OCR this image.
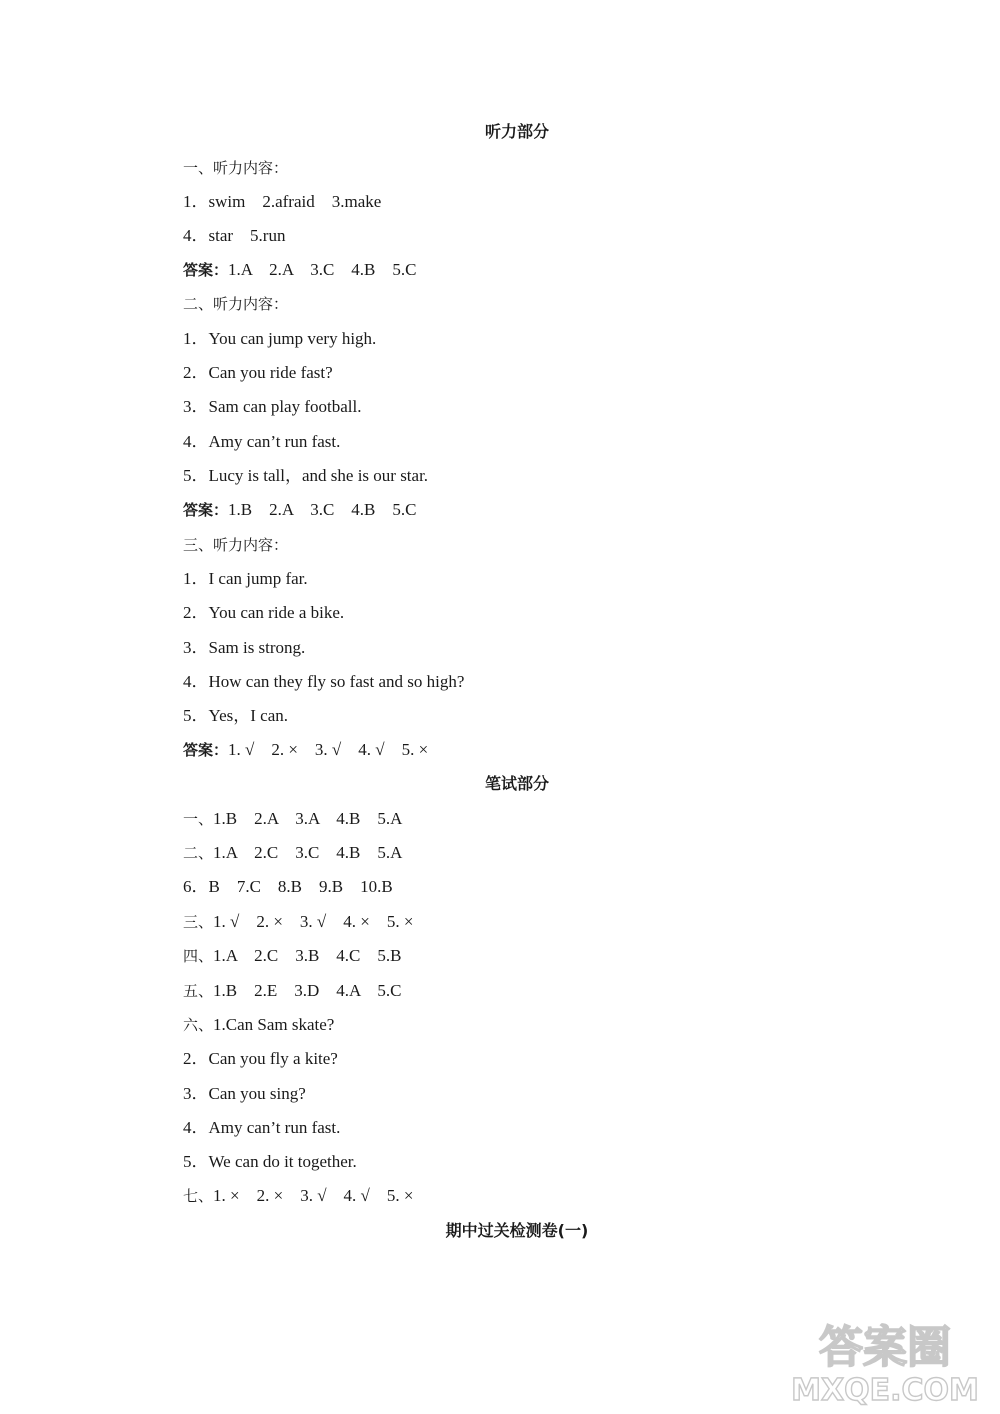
听力部分
一、听力内容：
1．swim    2.afraid    3.make
4．star    5.run
答案：1.A    2.A    3.C    4.B    5.C
二、听力内容：
1．You can jump very high.
2．Can you ride fast?
3．Sam can play football.
4．Amy can’t run fast.
5．Lucy is tall，and she is our star.
答案：1.B    2.A    3.C    4.B    5.C
三、听力内容：
1．I can jump far.
2．You can ride a bike.
3．Sam is strong.
4．How can they fly so fast and so high?
5．Yes，I can.
答案：1. √    2. ×    3. √    4. √    5. ×
笔试部分
一、1.B    2.A    3.A    4.B    5.A
二、1.A    2.C    3.C    4.B    5.A
6．B    7.C    8.B    9.B    10.B
三、1. √    2. ×    3. √    4. ×    5. ×
四、1.A    2.C    3.B    4.C    5.B
五、1.B    2.E    3.D    4.A    5.C
六、1.Can Sam skate?
2．Can you fly a kite?
3．Can you sing?
4．Amy can’t run fast.
5．We can do it together.
七、1. ×    2. ×    3. √    4. √    5. ×
期中过关检测卷(一)
答案圈
MXQE.COM
